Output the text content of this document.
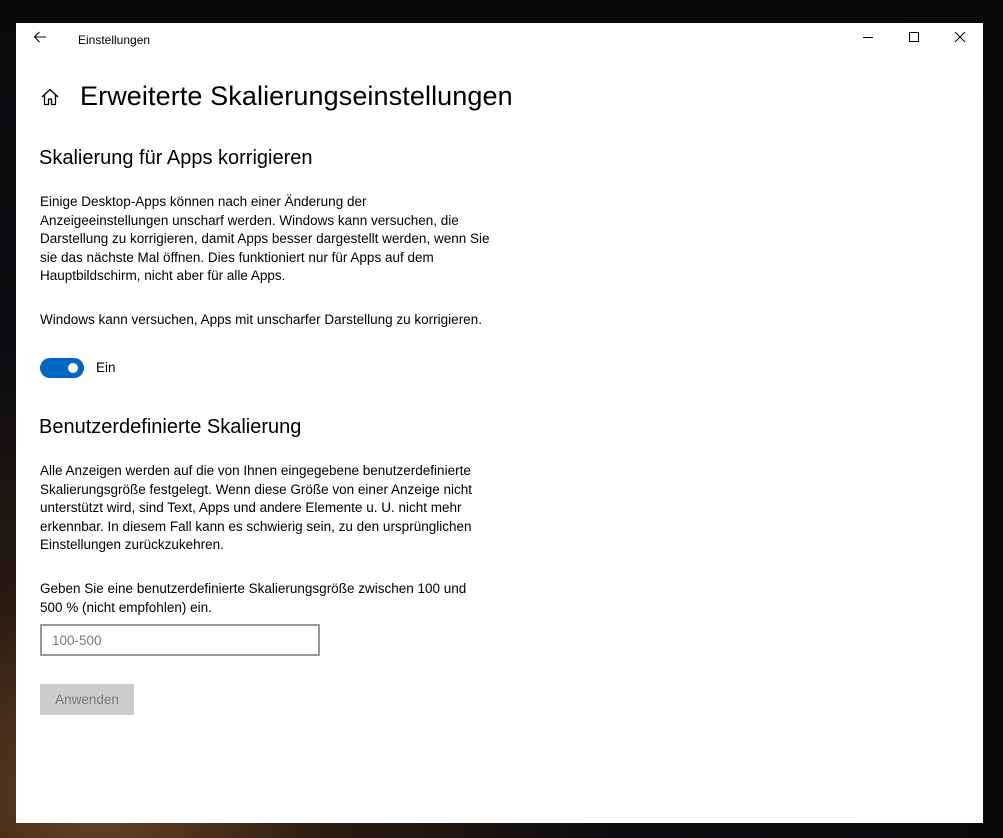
Einstellungen
Erweiterte Skalierungseinstellungen
Skalierung für Apps korrigieren

Einige Desktop-Apps können nach einer Änderung der Anzeigeeinstellungen unscharf werden. Windows kann versuchen, die Darstellung zu korrigieren, damit Apps besser dargestellt werden, wenn Sie sie das nächste Mal öffnen. Dies funktioniert nur für Apps auf dem Hauptbildschirm, nicht aber für alle Apps.

Windows kann versuchen, Apps mit unscharfer Darstellung zu korrigieren.

Ein
Benutzerdefinierte Skalierung

Alle Anzeigen werden auf die von Ihnen eingegebene benutzerdefinierte Skalierungsgröße festgelegt. Wenn diese Größe von einer Anzeige nicht unterstützt wird, sind Text, Apps und andere Elemente u. U. nicht mehr erkennbar. In diesem Fall kann es schwierig sein, zu den ursprünglichen Einstellungen zurückzukehren.

Geben Sie eine benutzerdefinierte Skalierungsgröße zwischen 100 und 500 % (nicht empfohlen) ein.

100-500
Anwenden
